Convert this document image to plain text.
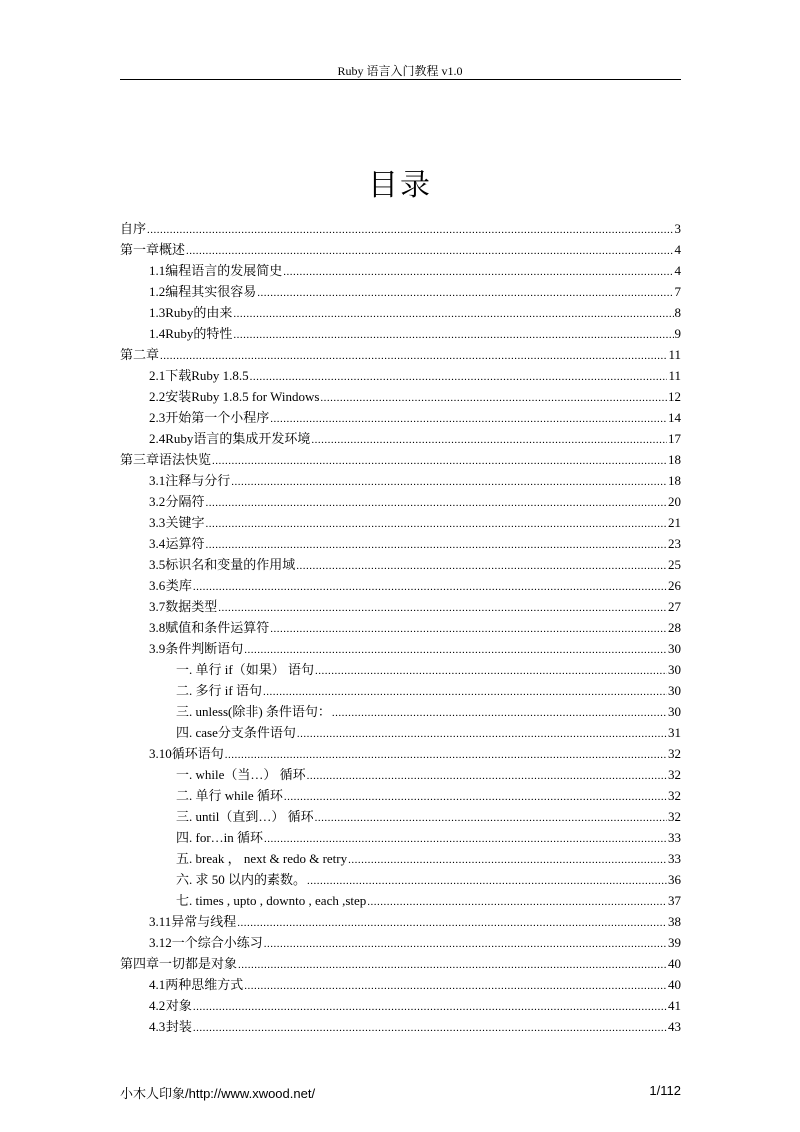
Ruby 语言入门教程 v1.0
目录
自序 .....	3
第一章 概述 .....	4
1.1 编程语言的发展简史 .....	4
1.2 编程其实很容易 .....	7
1.3 Ruby的由来 .....	8
1.4 Ruby的特性 .....	9
第二章 .....	11
2.1 下载Ruby 1.8.5 .....	11
2.2 安装Ruby 1.8.5 for Windows .....	12
2.3 开始第一个小程序 .....	14
2.4 Ruby语言的集成开发环境 .....	17
第三章 语法快览 .....	18
3.1 注释与分行 .....	18
3.2 分隔符 .....	20
3.3 关键字 .....	21
3.4 运算符 .....	23
3.5 标识名和变量的作用域 .....	25
3.6 类库 .....	26
3.7 数据类型 .....	27
3.8 赋值和条件运算符 .....	28
3.9 条件判断语句 .....	30
一. 单行 if（如果） 语句 .....	30
二. 多行 if 语句 .....	30
三. unless(除非) 条件语句： .....	30
四. case分支条件语句 .....	31
3.10 循环语句 .....	32
一. while（当…） 循环 .....	32
二. 单行 while 循环 .....	32
三. until（直到…） 循环 .....	32
四. for…in 循环 .....	33
五. break ， next & redo & retry .....	33
六. 求 50 以内的素数。 .....	36
七. times , upto , downto , each ,step .....	37
3.11 异常与线程 .....	38
3.12 一个综合小练习 .....	39
第四章 一切都是对象 .....	40
4.1 两种思维方式 .....	40
4.2 对象 .....	41
4.3 封装 .....	43
小木人印象/http://www.xwood.net/	1/112
